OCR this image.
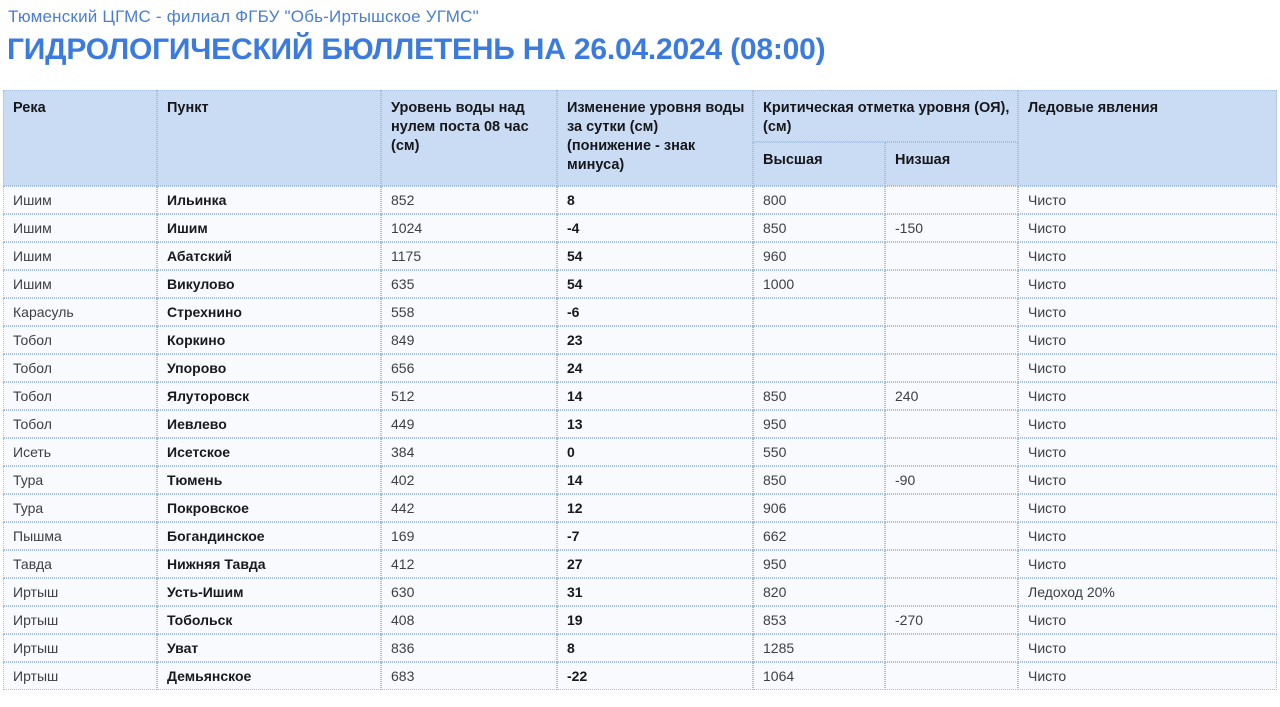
Тюменский ЦГМС - филиал ФГБУ "Обь-Иртышское УГМС"
ГИДРОЛОГИЧЕСКИЙ БЮЛЛЕТЕНЬ НА 26.04.2024 (08:00)
Река	Пункт	Уровень воды над нулем поста 08 час (см)	Изменение уровня воды за сутки (см) (понижение - знак минуса)	Критическая отметка уровня (ОЯ), (см)		Ледовые явления
				Высшая	Низшая	
Ишим	Ильинка	852	8	800		Чисто
Ишим	Ишим	1024	-4	850	-150	Чисто
Ишим	Абатский	1175	54	960		Чисто
Ишим	Викулово	635	54	1000		Чисто
Карасуль	Стрехнино	558	-6			Чисто
Тобол	Коркино	849	23			Чисто
Тобол	Упорово	656	24			Чисто
Тобол	Ялуторовск	512	14	850	240	Чисто
Тобол	Иевлево	449	13	950		Чисто
Исеть	Исетское	384	0	550		Чисто
Тура	Тюмень	402	14	850	-90	Чисто
Тура	Покровское	442	12	906		Чисто
Пышма	Богандинское	169	-7	662		Чисто
Тавда	Нижняя Тавда	412	27	950		Чисто
Иртыш	Усть-Ишим	630	31	820		Ледоход 20%
Иртыш	Тобольск	408	19	853	-270	Чисто
Иртыш	Уват	836	8	1285		Чисто
Иртыш	Демьянское	683	-22	1064		Чисто
